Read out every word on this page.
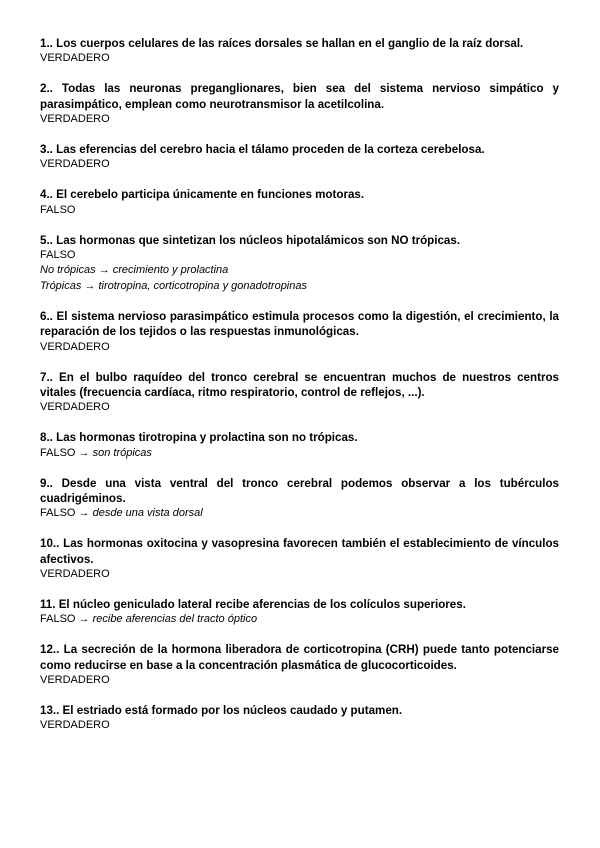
1.. Los cuerpos celulares de las raíces dorsales se hallan en el ganglio de la raíz dorsal.

VERDADERO

2.. Todas las neuronas preganglionares, bien sea del sistema nervioso simpático y parasimpático, emplean como neurotransmisor la acetilcolina.

VERDADERO

3.. Las eferencias del cerebro hacia el tálamo proceden de la corteza cerebelosa.

VERDADERO

4.. El cerebelo participa únicamente en funciones motoras.

FALSO

5.. Las hormonas que sintetizan los núcleos hipotalámicos son NO trópicas.

FALSO

No trópicas → crecimiento y prolactina

Trópicas → tirotropina, corticotropina y gonadotropinas

6.. El sistema nervioso parasimpático estimula procesos como la digestión, el crecimiento, la reparación de los tejidos o las respuestas inmunológicas.

VERDADERO

7.. En el bulbo raquídeo del tronco cerebral se encuentran muchos de nuestros centros vitales (frecuencia cardíaca, ritmo respiratorio, control de reflejos, ...).

VERDADERO

8.. Las hormonas tirotropina y prolactina son no trópicas.

FALSO → son trópicas

9.. Desde una vista ventral del tronco cerebral podemos observar a los tubérculos cuadrigéminos.

FALSO → desde una vista dorsal

10.. Las hormonas oxitocina y vasopresina favorecen también el establecimiento de vínculos afectivos.

VERDADERO

11. El núcleo geniculado lateral recibe aferencias de los colículos superiores.

FALSO → recibe aferencias del tracto óptico

12.. La secreción de la hormona liberadora de corticotropina (CRH) puede tanto potenciarse como reducirse en base a la concentración plasmática de glucocorticoides.

VERDADERO

13.. El estriado está formado por los núcleos caudado y putamen.

VERDADERO
